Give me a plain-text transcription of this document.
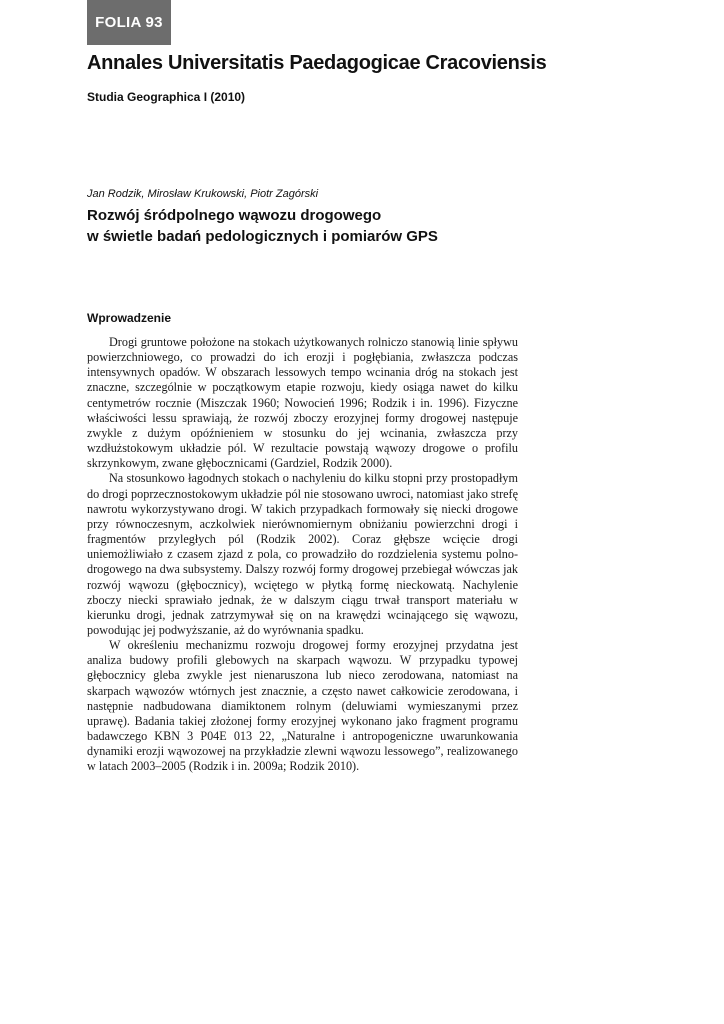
FOLIA 93
Annales Universitatis Paedagogicae Cracoviensis
Studia Geographica I (2010)
Jan Rodzik, Mirosław Krukowski, Piotr Zagórski
Rozwój śródpolnego wąwozu drogowego
w świetle badań pedologicznych i pomiarów GPS
Wprowadzenie

Drogi gruntowe położone na stokach użytkowanych rolniczo stanowią linie spływu powierzchniowego, co prowadzi do ich erozji i pogłębiania, zwłaszcza podczas intensywnych opadów. W obszarach lessowych tempo wcinania dróg na stokach jest znaczne, szczególnie w początkowym etapie rozwoju, kiedy osiąga nawet do kilku centymetrów rocznie (Miszczak 1960; Nowocień 1996; Rodzik i in. 1996). Fizyczne właściwości lessu sprawiają, że rozwój zboczy erozyjnej formy drogowej następuje zwykle z dużym opóźnieniem w stosunku do jej wcinania, zwłaszcza przy wzdłużstokowym układzie pól. W rezultacie powstają wąwozy drogowe o profilu skrzynkowym, zwane głębocznicami (Gardziel, Rodzik 2000).

Na stosunkowo łagodnych stokach o nachyleniu do kilku stopni przy prostopadłym do drogi poprzecznostokowym układzie pól nie stosowano uwroci, natomiast jako strefę nawrotu wykorzystywano drogi. W takich przypadkach formowały się niecki drogowe przy równoczesnym, aczkolwiek nierównomiernym obniżaniu powierzchni drogi i fragmentów przyległych pól (Rodzik 2002). Coraz głębsze wcięcie drogi uniemożliwiało z czasem zjazd z pola, co prowadziło do rozdzielenia systemu polno-drogowego na dwa subsystemy. Dalszy rozwój formy drogowej przebiegał wówczas jak rozwój wąwozu (głębocznicy), wciętego w płytką formę nieckowatą. Nachylenie zboczy niecki sprawiało jednak, że w dalszym ciągu trwał transport materiału w kierunku drogi, jednak zatrzymywał się on na krawędzi wcinającego się wąwozu, powodując jej podwyższanie, aż do wyrównania spadku.

W określeniu mechanizmu rozwoju drogowej formy erozyjnej przydatna jest analiza budowy profili glebowych na skarpach wąwozu. W przypadku typowej głębocznicy gleba zwykle jest nienaruszona lub nieco zerodowana, natomiast na skarpach wąwozów wtórnych jest znacznie, a często nawet całkowicie zerodowana, i następnie nadbudowana diamiktonem rolnym (deluwiami wymieszanymi przez uprawę). Badania takiej złożonej formy erozyjnej wykonano jako fragment programu badawczego KBN 3 P04E 013 22, „Naturalne i antropogeniczne uwarunkowania dynamiki erozji wąwozowej na przykładzie zlewni wąwozu lessowego”, realizowanego w latach 2003–2005 (Rodzik i in. 2009a; Rodzik 2010).
